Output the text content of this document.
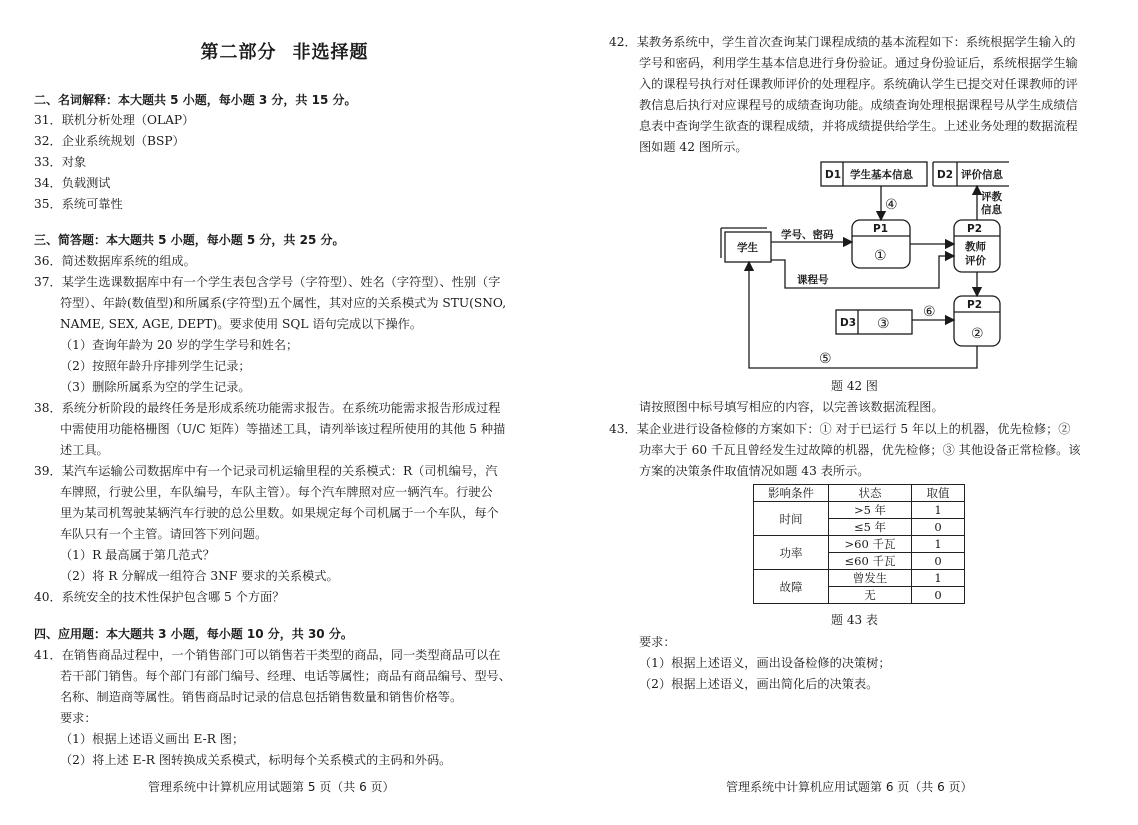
第二部分 非选择题
二、名词解释：本大题共 5 小题，每小题 3 分，共 15 分。
31．联机分析处理（OLAP）
32．企业系统规划（BSP）
33．对象
34．负载测试
35．系统可靠性
三、简答题：本大题共 5 小题，每小题 5 分，共 25 分。
36．简述数据库系统的组成。
37．某学生选课数据库中有一个学生表包含学号（字符型）、姓名（字符型）、性别（字
符型）、年龄(数值型)和所属系(字符型)五个属性，其对应的关系模式为 STU(SNO,
NAME, SEX, AGE, DEPT)。要求使用 SQL 语句完成以下操作。
（1）查询年龄为 20 岁的学生学号和姓名；
（2）按照年龄升序排列学生记录；
（3）删除所属系为空的学生记录。
38．系统分析阶段的最终任务是形成系统功能需求报告。在系统功能需求报告形成过程
中需使用功能格栅图（U/C 矩阵）等描述工具，请列举该过程所使用的其他 5 种描
述工具。
39．某汽车运输公司数据库中有一个记录司机运输里程的关系模式：R（司机编号，汽
车牌照，行驶公里，车队编号，车队主管）。每个汽车牌照对应一辆汽车。行驶公
里为某司机驾驶某辆汽车行驶的总公里数。如果规定每个司机属于一个车队，每个
车队只有一个主管。请回答下列问题。
（1）R 最高属于第几范式？
（2）将 R 分解成一组符合 3NF 要求的关系模式。
40．系统安全的技术性保护包含哪 5 个方面？
四、应用题：本大题共 3 小题，每小题 10 分，共 30 分。
41．在销售商品过程中，一个销售部门可以销售若干类型的商品，同一类型商品可以在
若干部门销售。每个部门有部门编号、经理、电话等属性；商品有商品编号、型号、
名称、制造商等属性。销售商品时记录的信息包括销售数量和销售价格等。
要求：
（1）根据上述语义画出 E-R 图；
（2）将上述 E-R 图转换成关系模式，标明每个关系模式的主码和外码。
管理系统中计算机应用试题第 5 页（共 6 页）
42．某教务系统中，学生首次查询某门课程成绩的基本流程如下：系统根据学生输入的
学号和密码，利用学生基本信息进行身份验证。通过身份验证后，系统根据学生输
入的课程号执行对任课教师评价的处理程序。系统确认学生已提交对任课教师的评
教信息后执行对应课程号的成绩查询功能。成绩查询处理根据课程号从学生成绩信
息表中查询学生欲查的课程成绩，并将成绩提供给学生。上述业务处理的数据流程
图如题 42 图所示。
请按照图中标号填写相应的内容，以完善该数据流程图。
43．某企业进行设备检修的方案如下：① 对于已运行 5 年以上的机器，优先检修；②
功率大于 60 千瓦且曾经发生过故障的机器，优先检修；③ 其他设备正常检修。该
方案的决策条件取值情况如题 43 表所示。
要求：
（1）根据上述语义，画出设备检修的决策树；
（2）根据上述语义，画出简化后的决策表。
D1 学生基本信息 D2 评价信息
D3
学生
P1	P2
教师
评价
P2
学号、密码
课程号
评教
信息
①
②
③
④
⑤
⑥
题 42 图
影响条件	状态	取值
时间	>5 年	1
	≤5 年	0
功率	>60 千瓦	1
	≤60 千瓦	0
故障	曾发生	1
	无	0
题 43 表
管理系统中计算机应用试题第 6 页（共 6 页）
